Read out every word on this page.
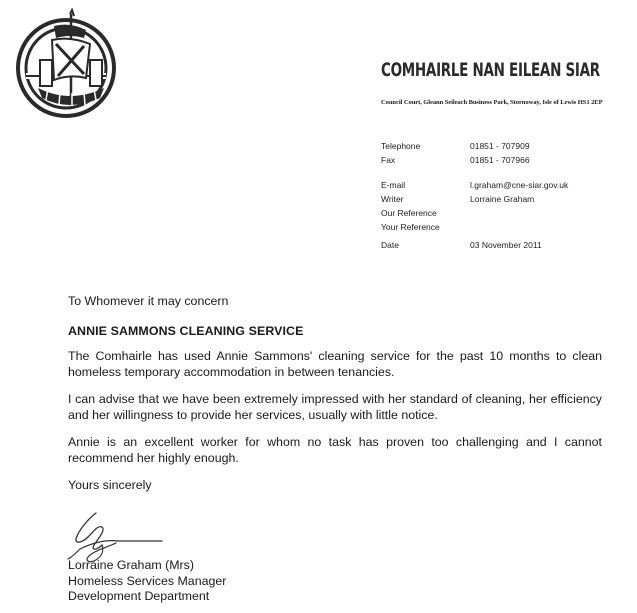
COMHAIRLE NAN EILEAN SIAR
Council Court, Gleann Seileach Business Park, Stornoway, Isle of Lewis HS1 2EP
Telephone	01851 - 707909
Fax	01851 - 707966
E-mail	l.graham@cne-siar.gov.uk
Writer	Lorraine Graham
Our Reference
Your Reference
Date	03 November 2011

To Whomever it may concern

ANNIE SAMMONS CLEANING SERVICE

The Comhairle has used Annie Sammons' cleaning service for the past 10 months to clean homeless temporary accommodation in between tenancies.

I can advise that we have been extremely impressed with her standard of cleaning, her efficiency and her willingness to provide her services, usually with little notice.

Annie is an excellent worker for whom no task has proven too challenging and I cannot recommend her highly enough.

Yours sincerely

Lorraine Graham (Mrs)
Homeless Services Manager
Development Department
